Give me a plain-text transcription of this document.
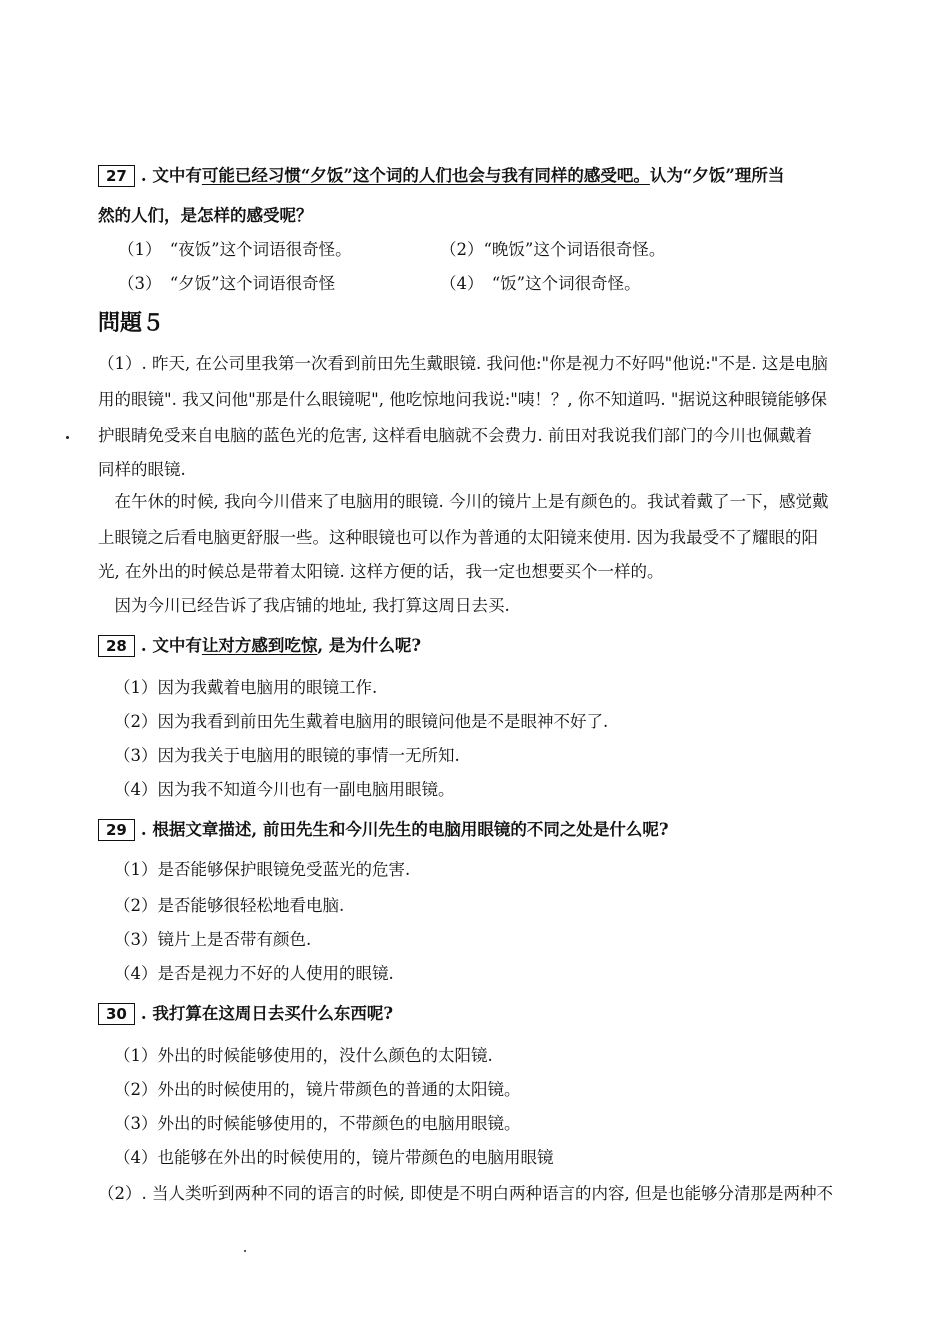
27 . 文中有可能已经习惯“夕饭”这个词的人们也会与我有同样的感受吧。认为“夕饭”理所当
然的人们，是怎样的感受呢？
（1）　“夜饭”这个词语很奇怪。	（2）“晚饭”这个词语很奇怪。
（3）　“夕饭”这个词语很奇怪	（4）　“饭”这个词很奇怪。
問題５
（1）. 昨天, 在公司里我第一次看到前田先生戴眼镜. 我问他:"你是视力不好吗"他说:"不是. 这是电脑
用的眼镜". 我又问他"那是什么眼镜呢", 他吃惊地问我说:"咦！？, 你不知道吗. "据说这种眼镜能够保
护眼睛免受来自电脑的蓝色光的危害, 这样看电脑就不会费力. 前田对我说我们部门的今川也佩戴着
同样的眼镜.
　在午休的时候, 我向今川借来了电脑用的眼镜. 今川的镜片上是有颜色的。我试着戴了一下，感觉戴
上眼镜之后看电脑更舒服一些。这种眼镜也可以作为普通的太阳镜来使用. 因为我最受不了耀眼的阳
光, 在外出的时候总是带着太阳镜. 这样方便的话，我一定也想要买个一样的。
　因为今川已经告诉了我店铺的地址, 我打算这周日去买.
28 . 文中有让对方感到吃惊, 是为什么呢?
（1）因为我戴着电脑用的眼镜工作.
（2）因为我看到前田先生戴着电脑用的眼镜问他是不是眼神不好了.
（3）因为我关于电脑用的眼镜的事情一无所知.
（4）因为我不知道今川也有一副电脑用眼镜。
29 . 根据文章描述, 前田先生和今川先生的电脑用眼镜的不同之处是什么呢?
（1）是否能够保护眼镜免受蓝光的危害.
（2）是否能够很轻松地看电脑.
（3）镜片上是否带有颜色.
（4）是否是视力不好的人使用的眼镜.
30 . 我打算在这周日去买什么东西呢?
（1）外出的时候能够使用的，没什么颜色的太阳镜.
（2）外出的时候使用的，镜片带颜色的普通的太阳镜。
（3）外出的时候能够使用的，不带颜色的电脑用眼镜。
（4）也能够在外出的时候使用的，镜片带颜色的电脑用眼镜
（2）. 当人类听到两种不同的语言的时候, 即使是不明白两种语言的内容, 但是也能够分清那是两种不
